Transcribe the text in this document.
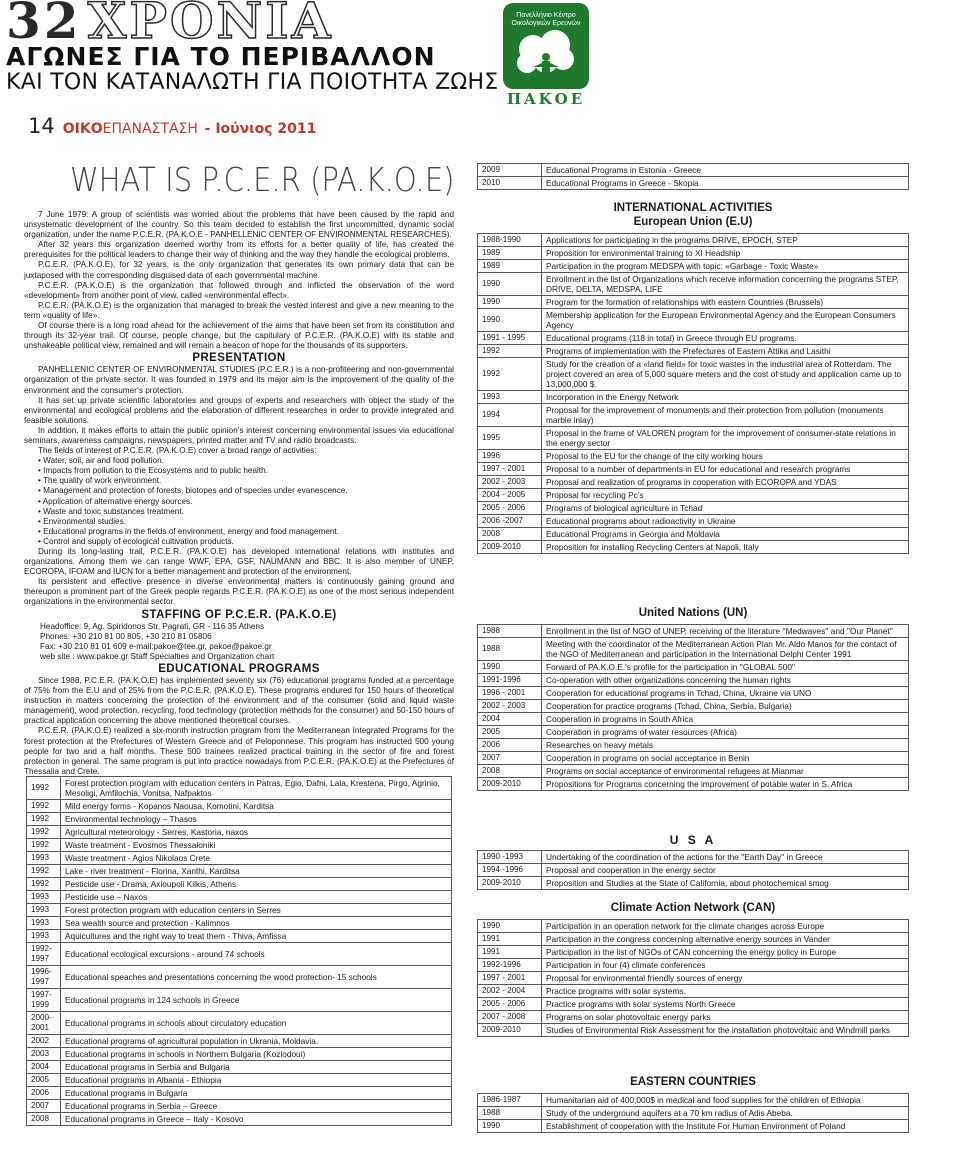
32 ΧΡΟΝΙΑ
ΑΓΩΝΕΣ ΓΙΑ ΤΟ ΠΕΡΙΒΑΛΛΟΝ
ΚΑΙ ΤΟΝ ΚΑΤΑΝΑΛΩΤΗ ΓΙΑ ΠΟΙΟΤΗΤΑ ΖΩΗΣ
Πανελλήνιο Κέντρο Οικολογικών Ερευνών
ΠΑΚΟΕ
14 ΟΙΚΟΕΠΑΝΑΣΤΑΣΗ - Ιούνιος 2011
WHAT IS P.C.E.R (PA.K.O.E)

7 June 1979: A group of scientists was worried about the problems that have been caused by the rapid and unsystematic development of the country. So this team decided to establish the first uncommitted, dynamic social organization, under the name P.C.E.R. (PA.K.O.E - PANHELLENIC CENTER OF ENVIRONMENTAL RESEARCHES).

After 32 years this organization deemed worthy from its efforts for a better quality of life, has created the prerequisites for the political leaders to change their way of thinking and the way they handle the ecological problems.

P.C.E.R. (PA.K.O.E), for 32 years, is the only organization that generates its own primary data that can be juxtaposed with the corresponding disguised data of each governmental machine.

P.C.E.R. (PA.K.O.E) is the organization that followed through and inflicted the observation of the word «development» from another point of view, called «environmental effect».

P.C.E.R. (PA.K.O.E) is the organization that managed to break the vested interest and give a new meaning to the term «quality of life».

Of course there is a long road ahead for the achievement of the aims that have been set from its constitution and through its 32-year trail. Of course, people change, but the capitulary of P.C.E.R. (PA.K.O.E) with its stable and unshakeable political view, remained and will remain a beacon of hope for the thousands of its supporters.

PRESENTATION

PANHELLENIC CENTER OF ENVIRONMENTAL STUDIES (P.C.E.R.) is a non-profiteering and non-governmental organization of the private sector. It was founded in 1979 and its major aim is the improvement of the quality of the environment and the consumer’s protection.

It has set up private scientific laboratories and groups of experts and researchers with object the study of the environmental and ecological problems and the elaboration of different researches in order to provide integrated and feasible solutions.

In addition, it makes efforts to attain the public opinion’s interest concerning environmental issues via educational seminars, awareness campaigns, newspapers, printed matter and TV and radio broadcasts.

The fields of interest of P.C.E.R. (PA.K.O.E) cover a broad range of activities:

• Water, soil, air and food pollution.
• Impacts from pollution to the Ecosystems and to public health.
• The quality of work environment.
• Management and protection of forests, biotopes and of species under evanescence.
• Application of alternative energy sources.
• Waste and toxic substances treatment.
• Environmental studies.
• Educational programs in the fields of environment, energy and food management.
• Control and supply of ecological cultivation products.

During its long-lasting trail, P.C.E.R. (PA.K.O.E) has developed international relations with institutes and organizations. Among them we can range WWF, EPA, GSF, NAUMANN and BBC. It is also member of UNEP, ECOROPA, IFOAM and IUCN for a better management and protection of the environment.

Its persistent and effective presence in diverse environmental matters is continuously gaining ground and thereupon a prominent part of the Greek people regards P.C.E.R. (PA.K.O.E) as one of the most serious independent organizations in the environmental sector.

STAFFING OF P.C.E.R. (PA.K.O.E)
Headoffice: 9, Ag. Spiridonos Str, Pagrati, GR - 116 35 Athens
Phones: +30 210 81 00 805, +30 210 81 05806
Fax: +30 210 81 01 609 e-mail:pakoe@tee.gr, pakoe@pakoe.gr
web site : www.pakoe.gr Staff Specialties and Organization chart
EDUCATIONAL PROGRAMS

Since 1988, P.C.E.R. (PA.K.O.E) has implemented seventy six (76) educational programs funded at a percentage of 75% from the E.U and of 25% from the P.C.E.R. (PA.K.O.E). These programs endured for 150 hours of theoretical instruction in matters concerning the protection of the environment and of the consumer (solid and liquid waste management), wood protection, recycling, food technology (protection methods for the consumer) and 50-150 hours of practical application concerning the above mentioned theoretical courses.

P.C.E.R. (PA.K.O.E) realized a six-month instruction program from the Mediterranean Integrated Programs for the forest protection at the Prefectures of Western Greece and of Peloponnese. This program has instructed 500 young people for two and a half months. These 500 trainees realized practical training in the sector of fire and forest protection in general. The same program is put into practice nowadays from P.C.E.R. (PA.K.O.E) at the Prefectures of Thessalia and Crete.

1992	Forest protection program with education centers in Patras, Egio, Dafni, Lala, Krestena, Pirgo, Agrinio, Mesoligi, Amfilochia, Vonitsa, Nafpaktos
1992	Mild energy forms - Kopanos Naousa, Komotini, Karditsa
1992	Environmental technology – Thasos
1992	Agricultural meteorology - Serres, Kastoria, naxos
1992	Waste treatment - Evosmos Thessaloniki
1993	Waste treatment - Agios Nikolaos Crete
1992	Lake - river treatment - Florina, Xanthi, Karditsa
1992	Pesticide use - Drama, Axioupoli Kilkis, Athens
1993	Pesticide use – Naxos
1993	Forest protection program with education centers in Serres
1993	Sea wealth source and protection - Kalimnos
1993	Aquicultures and the right way to treat them - Thiva, Amfissa
1992-1997	Educational ecological excursions - around 74 schools
1996-1997	Educational speaches and presentations concerning the wood protection- 15 schools
1997-1999	Educational programs in 124 schools in Greece
2000-2001	Educational programs in schools about circulatory education
2002	Educational programs of agricultural population in Ukrania, Moldavia.
2003	Educational programs in schools in Northern Bulgaria (Kozlodoui)
2004	Educational programs in Serbia and Bulgaria
2005	Educational programs in Albania - Ethiopia
2006	Educational programs in Bulgaria
2007	Educational programs in Serbia – Greece
2008	Educational programs in Greece – Italy - Kosovo
2009	Educational Programs in Estonia - Greece
2010	Educational Programs in Greece - Skopia
INTERNATIONAL ACTIVITIES
European Union (E.U)
1988-1990	Applications for participating in the programs DRIVE, EPOCH, STEP
1989	Proposition for environmental training to XI Headship
1989	Participation in the program MEDSPA with topic: «Garbage - Toxic Waste»
1990	Enrollment in the list of Organizations which receive information concerning the programs STEP, DRIVE, DELTA, MEDSPA, LIFE
1990	Program for the formation of relationships with eastern Countries (Brussels)
1990	Membership application for the European Environmental Agency and the European Consumers Agency
1991 - 1995	Educational programs (118 in total) in Greece through EU programs.
1992	Programs of implementation with the Prefectures of Eastern Attika and Lasithi
1992	Study for the creation of a «land field» for toxic wastes in the industrial area of Rotterdam. The project covered an area of 5,000 square meters and the cost of study and application came up to 13,000,000 $.
1993	Incorporation in the Energy Network
1994	Proposal for the improvement of monuments and their protection from pollution (monuments marble inlay)
1995	Proposal in the frame of VALOREN program for the improvement of consumer-state relations in the energy sector
1996	Proposal to the EU for the change of the city working hours
1997 - 2001	Proposal to a number of departments in EU for educational and research programs
2002 - 2003	Proposal and realization of programs in cooperation with ECOROPA and YDAS
2004 - 2005	Proposal for recycling Pc’s
2005 - 2006	Programs of biological agriculture in Tchad
2006 -2007	Educational programs about radioactivity in Ukraine
2008	Educational Programs in Georgia and Moldavia
2009-2010	Proposition for installing Recycling Centers at Napoli, Italy
United Nations (UN)
1988	Enrollment in the list of NGO of UNEP, receiving of the literature ''Medwaves'' and ''Our Planet''
1988	Meeting with the coordinator of the Mediterranean Action Plan Mr. Aldo Manos for the contact of the NGO of Mediterranean and participation in the International Delphi Center 1991
1990	Forward of PA.K.O.E.'s profile for the participation in ''GLOBAL 500''
1991-1996	Co-operation with other organizations concerning the human rights
1996 - 2001	Cooperation for educational programs in Tchad, China, Ukraine via UNO
2002 - 2003	Cooperation for practice programs (Tchad, China, Serbia, Bulgaria)
2004	Cooperation in programs in South Africa
2005	Cooperation in programs of water resources (Africa)
2006	Researches on heavy metals
2007	Cooperation in programs on social acceptance in Benin
2008	Programs on social acceptance of environmental refugees at Mianmar
2009-2010	Propositions for Programs concerning the improvement of potable water in S. Africa
U S A
1990 -1993	Undertaking of the coordination of the actions for the ''Earth Day'' in Greece
1994 -1996	Proposal and cooperation in the energy sector
2009-2010	Proposition and Studies at the State of California, about photochemical smog
Climate Action Network (CAN)
1990	Participation in an operation network for the climate changes across Europe
1991	Participation in the congress concerning alternative energy sources in Vander
1991	Participation in the list of NGOs of CAN concerning the energy policy in Europe
1992-1996	Participation in four (4) climate conferences
1997 - 2001	Proposal for environmental friendly sources of energy
2002 - 2004	Practice programs with solar systems.
2005 - 2006	Practice programs with solar systems North Greece
2007 - 2008	Programs on solar photovoltaic energy parks
2009-2010	Studies of Environmental Risk Assessment for the installation photovoltaic and Windmill parks
EASTERN COUNTRIES
1986-1987	Humanitarian aid of 400,000$ in medical and food supplies for the children of Ethiopia
1988	Study of the underground aquifers at a 70 km radius of Adis Abeba.
1990	Establishment of cooperation with the Institute For Human Environment of Poland
